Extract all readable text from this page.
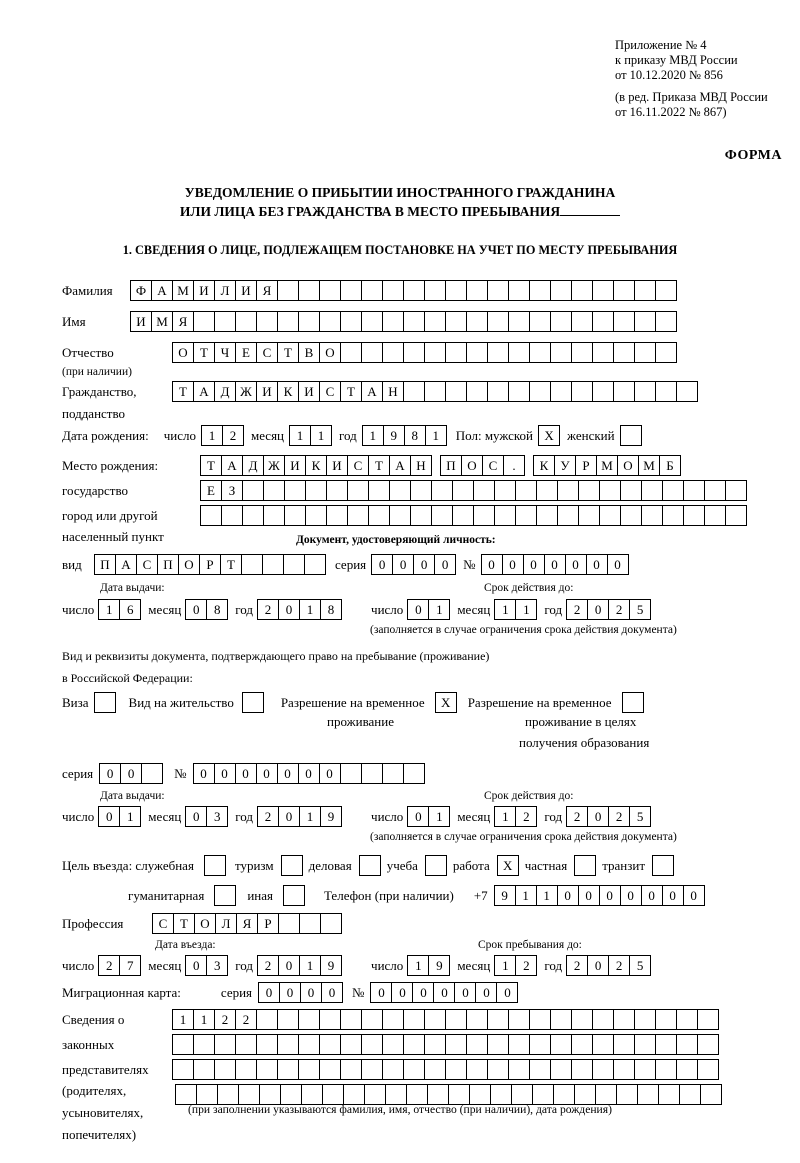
Приложение № 4
к приказу МВД России
от 10.12.2020 № 856
(в ред. Приказа МВД России
от 16.11.2022 № 867)
ФОРМА
УВЕДОМЛЕНИЕ О ПРИБЫТИИ ИНОСТРАННОГО ГРАЖДАНИНА
ИЛИ ЛИЦА БЕЗ ГРАЖДАНСТВА В МЕСТО ПРЕБЫВАНИЯ
1. СВЕДЕНИЯ О ЛИЦЕ, ПОДЛЕЖАЩЕМ ПОСТАНОВКЕ НА УЧЕТ ПО МЕСТУ ПРЕБЫВАНИЯ
Фамилия	Ф А М И Л И Я
Имя	И М Я
Отчество	О Т Ч Е С Т В О
(при наличии)
Гражданство,	Т А Д Ж И К И С Т А Н
подданство
Дата рождения: число 1	2	месяц 1	1	год 1	9	8	1	Пол: мужской X	женский
Место рождения:	Т А Д Ж И К И С Т А Н	П О С	.	К У Р М О М Б
государство	Е	З
город или другой
населенный пункт	Документ, удостоверяющий личность:
вид	П А С П О Р	Т	серия 0	0	0	0	№ 0	0	0	0	0	0	0
Дата выдачи:	Срок действия до:
число 1	6	месяц 0	8	год 2	0	1	8	число 0	1	месяц 1	1	год 2	0	2	5
(заполняется в случае ограничения срока действия документа)
Вид и реквизиты документа, подтверждающего право на пребывание (проживание)
в Российской Федерации:
Виза	Вид на жительство	Разрешение на временное	X	Разрешение на временное
проживание	проживание в целях
получения образования
серия	0	0	№	0	0	0	0	0	0	0
Дата выдачи:	Срок действия до:
число 0	1	месяц 0	3	год 2	0	1	9	число 0	1	месяц 1	2	год 2	0	2	5
(заполняется в случае ограничения срока действия документа)
Цель въезда: служебная	туризм	деловая	учеба	работа	X частная	транзит
гуманитарная	иная	Телефон (при наличии) +7	9	1	1	0	0	0	0	0	0	0
Профессия	С Т О Л Я	Р
Дата въезда:	Срок пребывания до:
число 2	7	месяц 0	3	год 2	0	1	9	число 1	9	месяц 1	2	год 2	0	2	5
Миграционная карта:	серия	0	0	0	0	№	0	0	0	0	0	0	0
Сведения о	1	1	2	2
законных
представителях
(родителях,
усыновителях,
попечителях)
(при заполнении указываются фамилия, имя, отчество (при наличии), дата рождения)
